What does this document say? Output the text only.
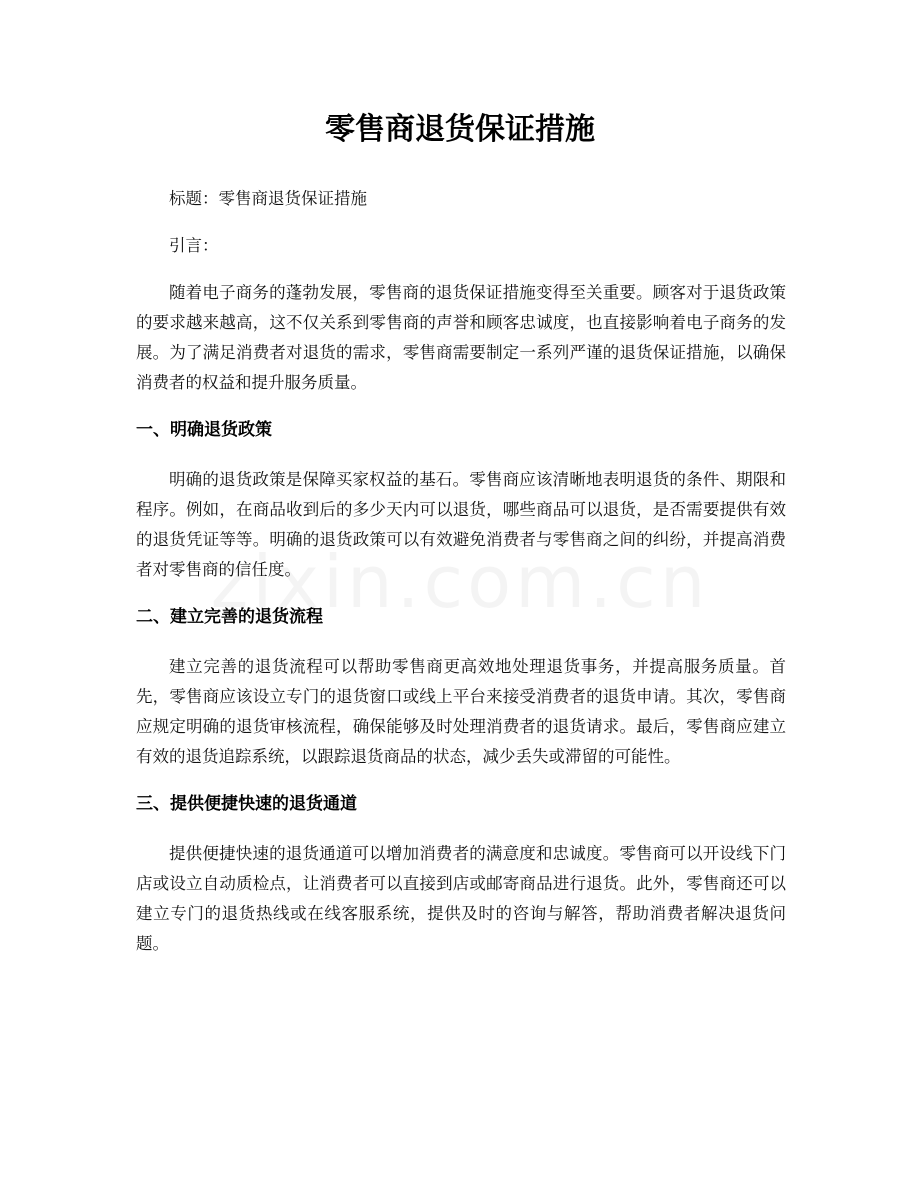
零售商退货保证措施

标题：零售商退货保证措施

引言：

随着电子商务的蓬勃发展，零售商的退货保证措施变得至关重要。顾客对于退货政策的要求越来越高，这不仅关系到零售商的声誉和顾客忠诚度，也直接影响着电子商务的发展。为了满足消费者对退货的需求，零售商需要制定一系列严谨的退货保证措施，以确保消费者的权益和提升服务质量。

一、明确退货政策

明确的退货政策是保障买家权益的基石。零售商应该清晰地表明退货的条件、期限和程序。例如，在商品收到后的多少天内可以退货，哪些商品可以退货，是否需要提供有效的退货凭证等等。明确的退货政策可以有效避免消费者与零售商之间的纠纷，并提高消费者对零售商的信任度。

二、建立完善的退货流程

建立完善的退货流程可以帮助零售商更高效地处理退货事务，并提高服务质量。首先，零售商应该设立专门的退货窗口或线上平台来接受消费者的退货申请。其次，零售商应规定明确的退货审核流程，确保能够及时处理消费者的退货请求。最后，零售商应建立有效的退货追踪系统，以跟踪退货商品的状态，减少丢失或滞留的可能性。

三、提供便捷快速的退货通道

提供便捷快速的退货通道可以增加消费者的满意度和忠诚度。零售商可以开设线下门店或设立自动质检点，让消费者可以直接到店或邮寄商品进行退货。此外，零售商还可以建立专门的退货热线或在线客服系统，提供及时的咨询与解答，帮助消费者解决退货问题。
